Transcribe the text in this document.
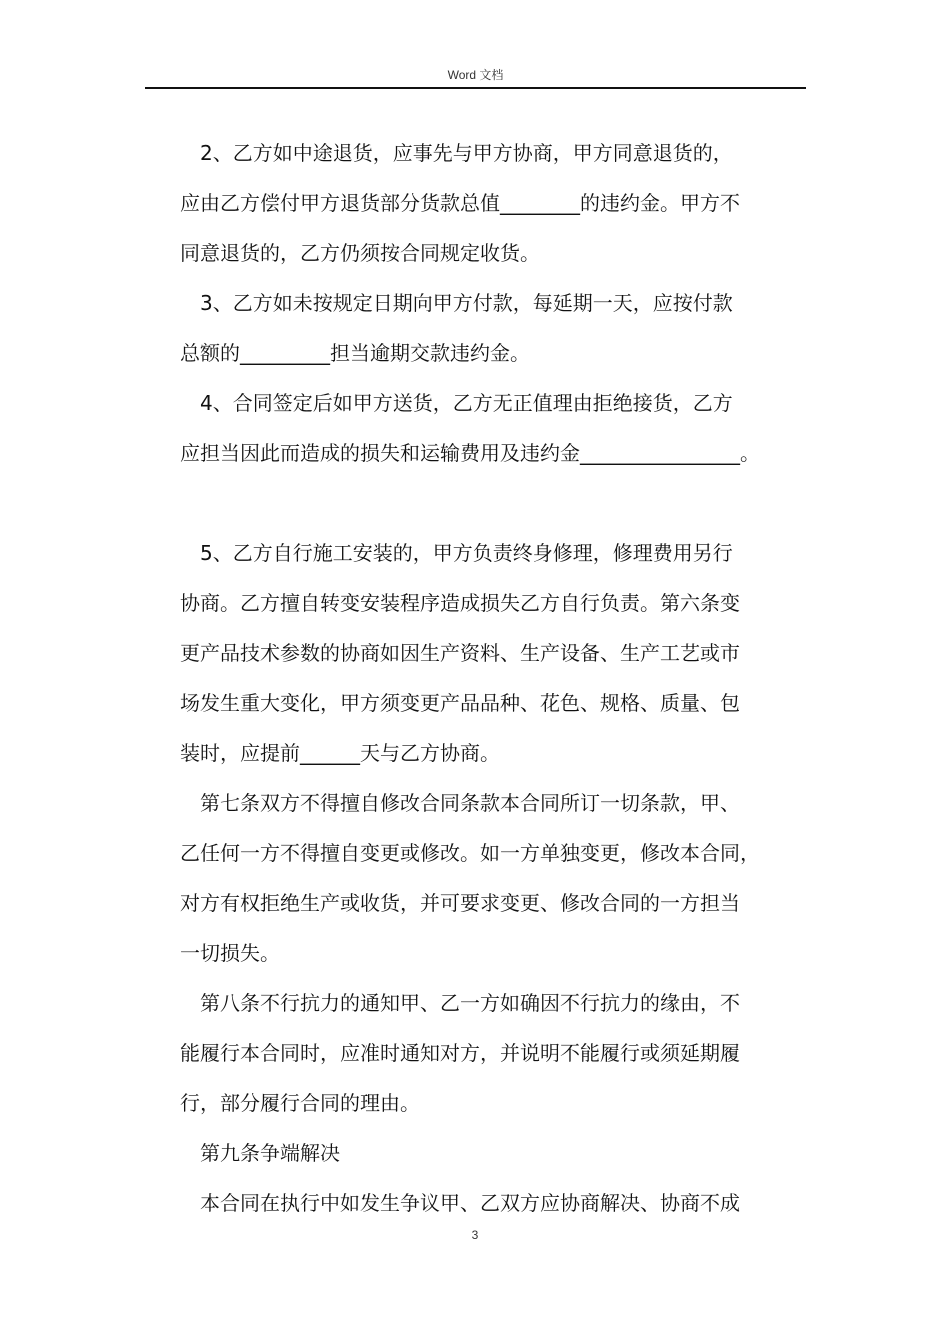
Word 文档
2、乙方如中途退货，应事先与甲方协商，甲方同意退货的，
应由乙方偿付甲方退货部分货款总值________的违约金。甲方不
同意退货的，乙方仍须按合同规定收货。
3、乙方如未按规定日期向甲方付款，每延期一天，应按付款
总额的_________担当逾期交款违约金。
4、合同签定后如甲方送货，乙方无正值理由拒绝接货，乙方
应担当因此而造成的损失和运输费用及违约金________________。
5、乙方自行施工安装的，甲方负责终身修理，修理费用另行
协商。乙方擅自转变安装程序造成损失乙方自行负责。第六条变
更产品技术参数的协商如因生产资料、生产设备、生产工艺或市
场发生重大变化，甲方须变更产品品种、花色、规格、质量、包
装时，应提前______天与乙方协商。
第七条双方不得擅自修改合同条款本合同所订一切条款，甲、
乙任何一方不得擅自变更或修改。如一方单独变更，修改本合同，
对方有权拒绝生产或收货，并可要求变更、修改合同的一方担当
一切损失。
第八条不行抗力的通知甲、乙一方如确因不行抗力的缘由，不
能履行本合同时，应准时通知对方，并说明不能履行或须延期履
行，部分履行合同的理由。
第九条争端解决
本合同在执行中如发生争议甲、乙双方应协商解决、协商不成
3
